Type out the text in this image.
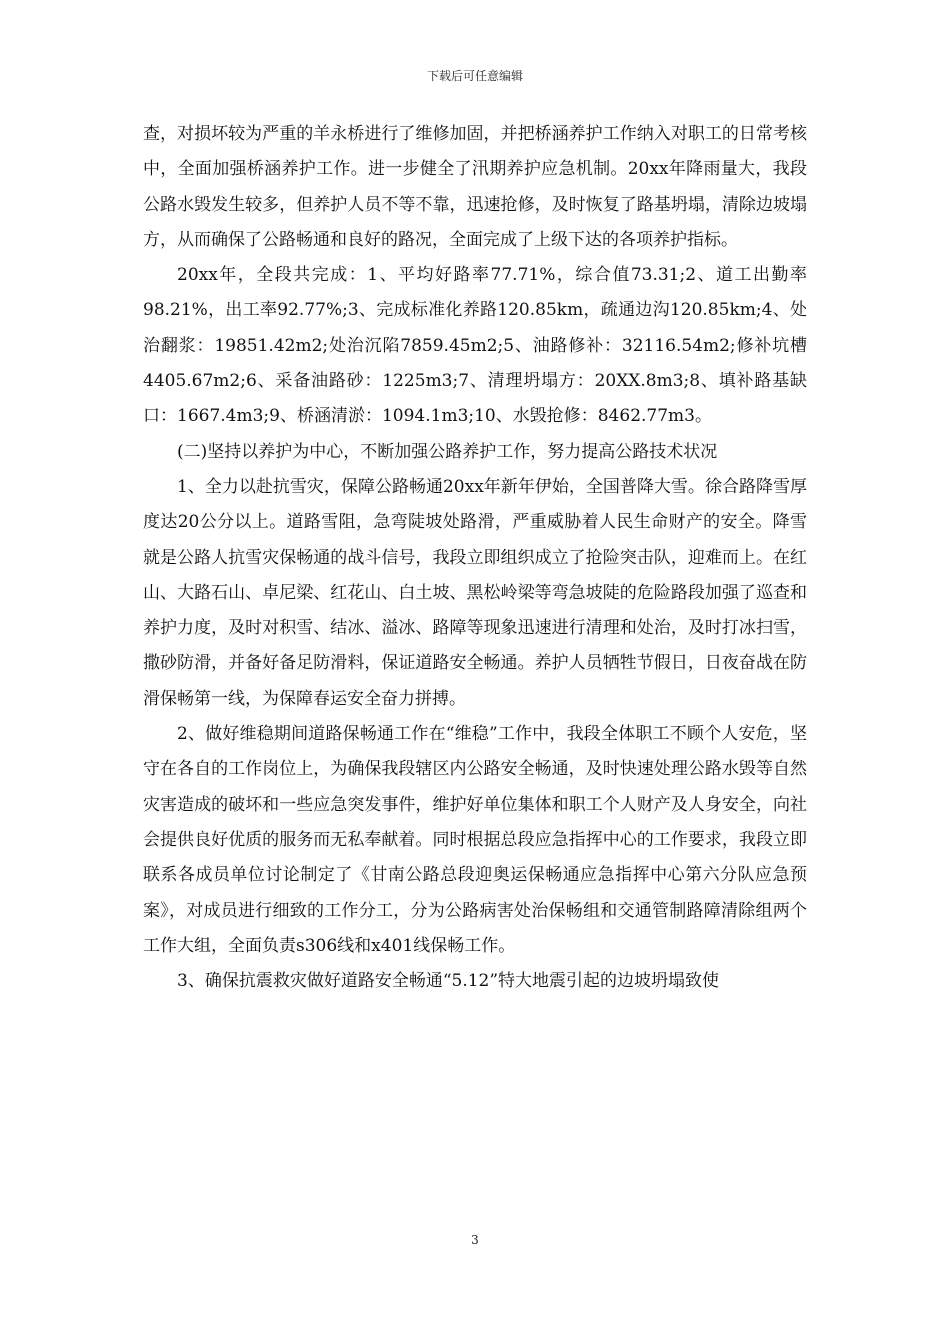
下载后可任意编辑

查，对损坏较为严重的羊永桥进行了维修加固，并把桥涵养护工作纳入对职工的日常考核中，全面加强桥涵养护工作。进一步健全了汛期养护应急机制。20xx年降雨量大，我段公路水毁发生较多，但养护人员不等不靠，迅速抢修，及时恢复了路基坍塌，清除边坡塌方，从而确保了公路畅通和良好的路况，全面完成了上级下达的各项养护指标。

20xx年，全段共完成：1、平均好路率77.71%，综合值73.31;2、道工出勤率98.21%，出工率92.77%;3、完成标准化养路120.85km，疏通边沟120.85km;4、处治翻浆：19851.42m2;处治沉陷7859.45m2;5、油路修补：32116.54m2;修补坑槽4405.67m2;6、采备油路砂：1225m3;7、清理坍塌方：20XX.8m3;8、填补路基缺口：1667.4m3;9、桥涵清淤：1094.1m3;10、水毁抢修：8462.77m3。

(二)坚持以养护为中心，不断加强公路养护工作，努力提高公路技术状况

1、全力以赴抗雪灾，保障公路畅通20xx年新年伊始，全国普降大雪。徐合路降雪厚度达20公分以上。道路雪阻，急弯陡坡处路滑，严重威胁着人民生命财产的安全。降雪就是公路人抗雪灾保畅通的战斗信号，我段立即组织成立了抢险突击队，迎难而上。在红山、大路石山、卓尼梁、红花山、白土坡、黑松岭梁等弯急坡陡的危险路段加强了巡查和养护力度，及时对积雪、结冰、溢冰、路障等现象迅速进行清理和处治，及时打冰扫雪，撒砂防滑，并备好备足防滑料，保证道路安全畅通。养护人员牺牲节假日，日夜奋战在防滑保畅第一线，为保障春运安全奋力拼搏。

2、做好维稳期间道路保畅通工作在“维稳”工作中，我段全体职工不顾个人安危，坚守在各自的工作岗位上，为确保我段辖区内公路安全畅通，及时快速处理公路水毁等自然灾害造成的破坏和一些应急突发事件，维护好单位集体和职工个人财产及人身安全，向社会提供良好优质的服务而无私奉献着。同时根据总段应急指挥中心的工作要求，我段立即联系各成员单位讨论制定了《甘南公路总段迎奥运保畅通应急指挥中心第六分队应急预案》，对成员进行细致的工作分工，分为公路病害处治保畅组和交通管制路障清除组两个工作大组，全面负责s306线和x401线保畅工作。

3、确保抗震救灾做好道路安全畅通“5.12”特大地震引起的边坡坍塌致使

3
